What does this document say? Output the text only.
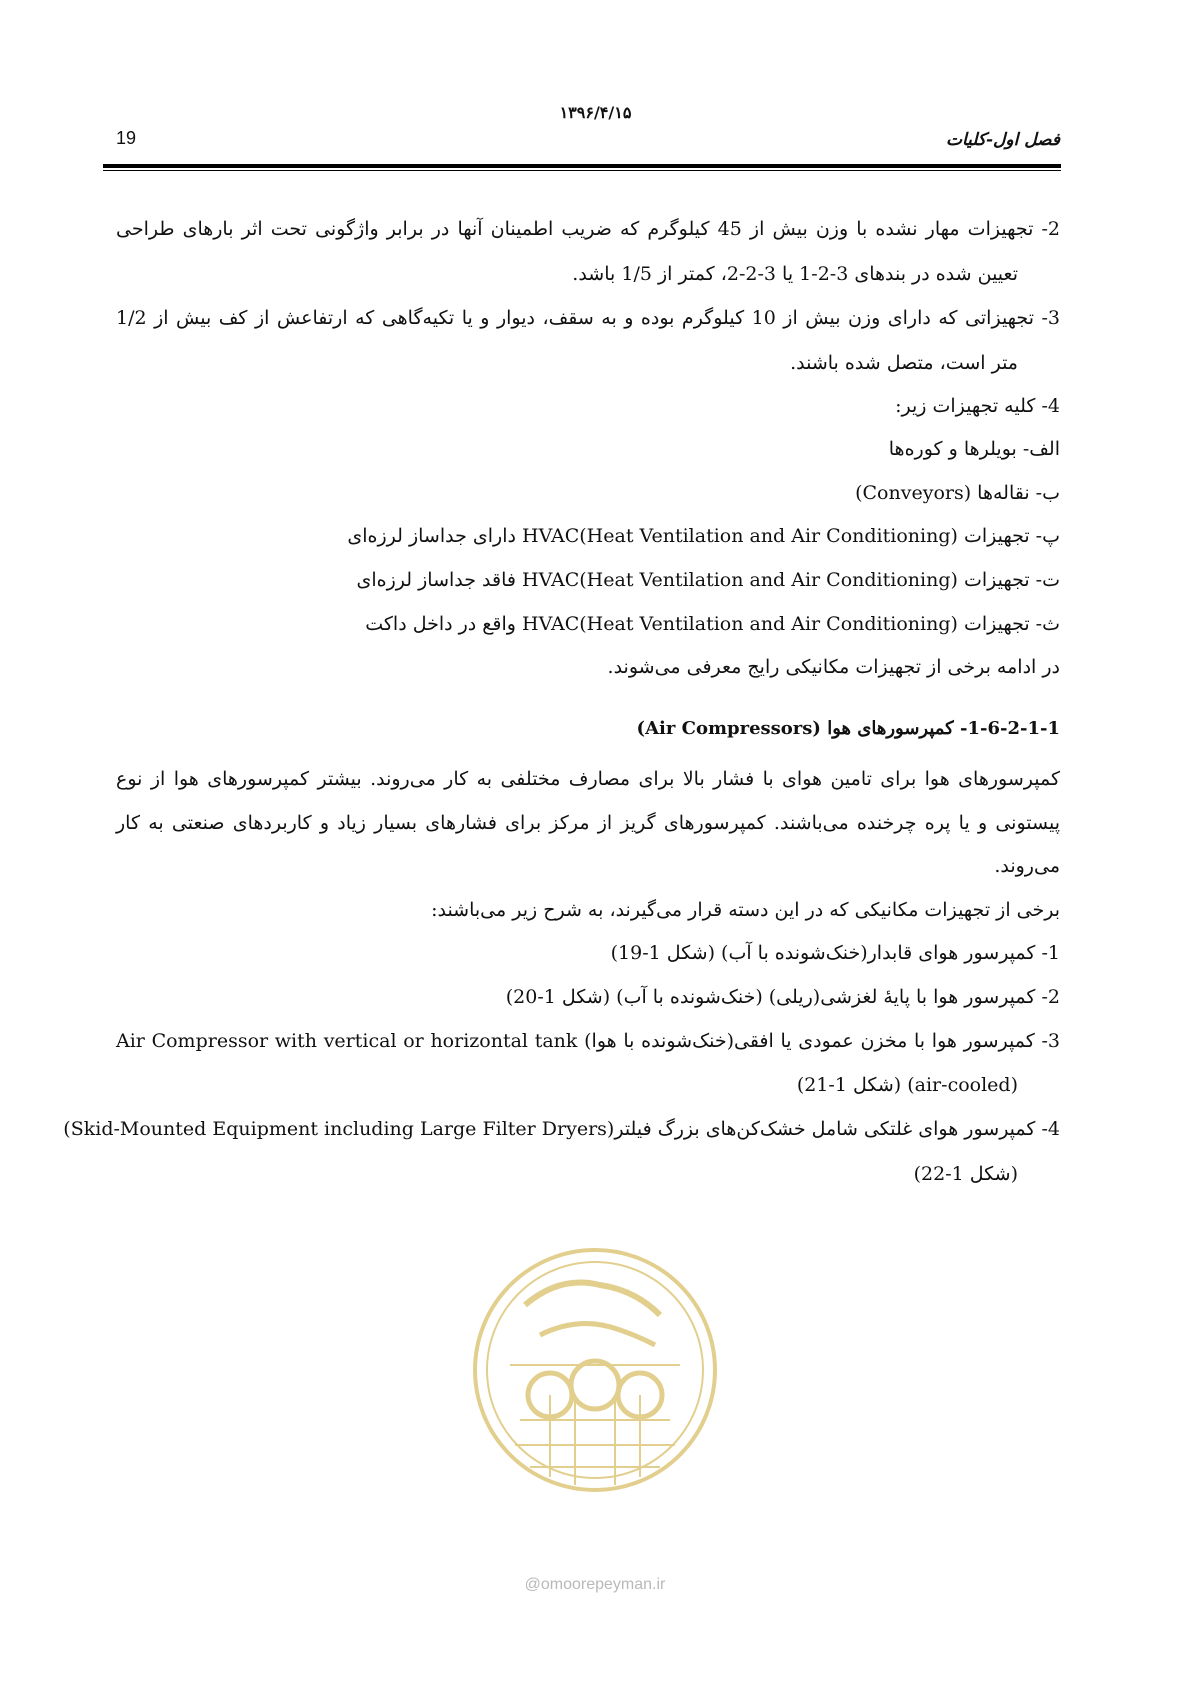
۱۳۹۶/۴/۱۵
19	فصل اول-کلیات
2- تجهیزات مهار نشده با وزن بیش از 45 کیلوگرم که ضریب اطمینان آنها در برابر واژگونی تحت اثر بارهای طراحی
تعیین شده در بندهای 3-2-1 یا 3-2-2، کمتر از 1/5 باشد.
3- تجهیزاتی که دارای وزن بیش از 10 کیلوگرم بوده و به سقف، دیوار و یا تکیه‌گاهی که ارتفاعش از کف بیش از 1/2
متر است، متصل شده باشند.
4- کلیه تجهیزات زیر:
الف- بویلرها و کوره‌ها
ب- نقاله‌ها (Conveyors)
پ- تجهیزات (HVAC(Heat Ventilation and Air Conditioning دارای جداساز لرزه‌ای
ت- تجهیزات (HVAC(Heat Ventilation and Air Conditioning فاقد جداساز لرزه‌ای
ث- تجهیزات (HVAC(Heat Ventilation and Air Conditioning واقع در داخل داکت
در ادامه برخی از تجهیزات مکانیکی رایج معرفی می‌شوند.
1-6-2-1-1- کمپرسورهای هوا (Air Compressors)
کمپرسورهای هوا برای تامین هوای با فشار بالا برای مصارف مختلفی به کار می‌روند. بیشتر کمپرسورهای هوا از نوع
پیستونی و یا پره چرخنده می‌باشند. کمپرسورهای گریز از مرکز برای فشارهای بسیار زیاد و کاربردهای صنعتی به کار
می‌روند.
برخی از تجهیزات مکانیکی که در این دسته قرار می‌گیرند، به شرح زیر می‌باشند:
1- کمپرسور هوای قابدار(خنک‌شونده با آب) (شکل 1-19)
2- کمپرسور هوا با پایهٔ لغزشی(ریلی) (خنک‌شونده با آب) (شکل 1-20)
3- کمپرسور هوا با مخزن عمودی یا افقی(خنک‌شونده با هوا) Air Compressor with vertical or horizontal tank
(air-cooled) (شکل 1-21)
4- کمپرسور هوای غلتکی شامل خشک‌کن‌های بزرگ فیلتر(Skid-Mounted Equipment including Large Filter Dryers)
(شکل 1-22)
@omoorepeyman.ir
